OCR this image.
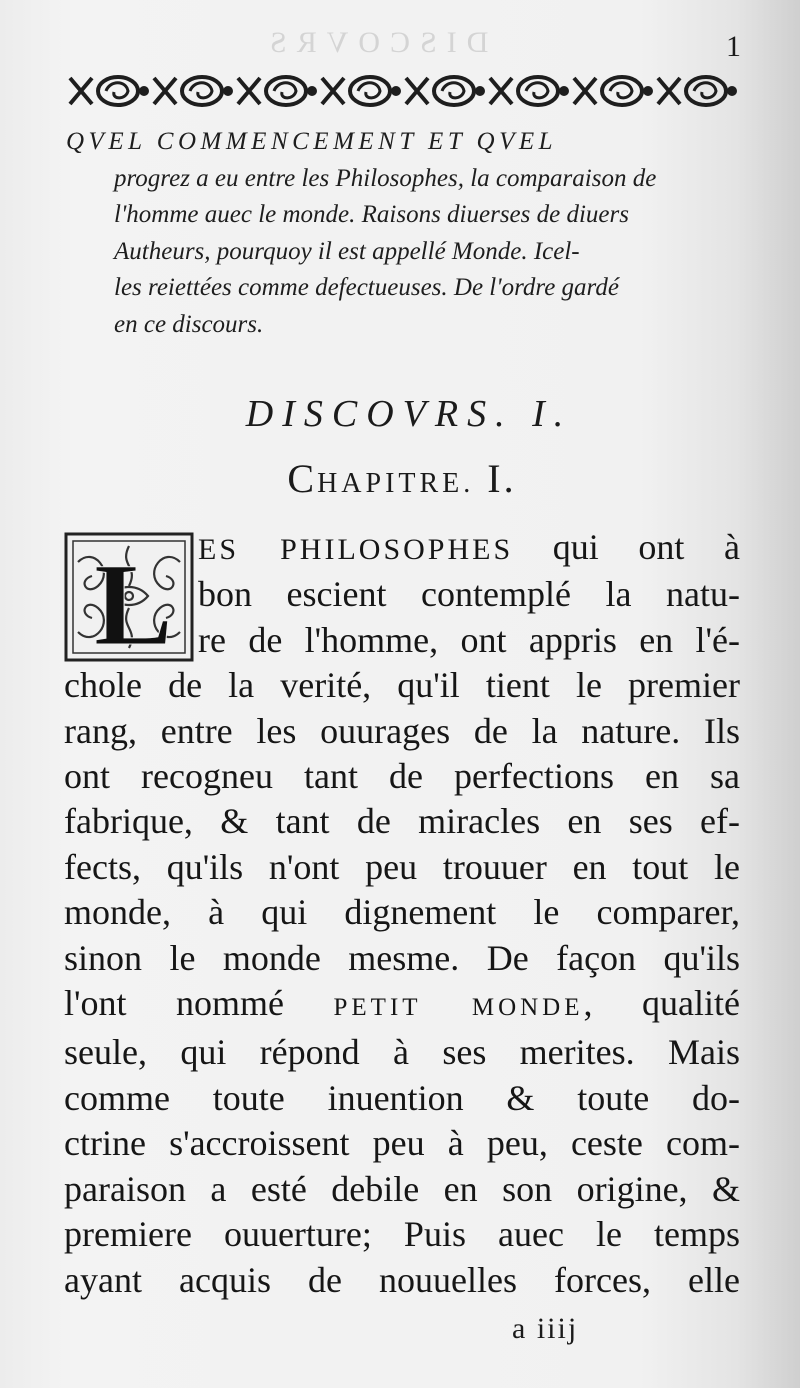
DISCOVRS	1
QVEL COMMENCEMENT ET QVEL
progrez a eu entre les Philosophes, la comparaison de
l'homme auec le monde. Raisons diuerses de diuers
Autheurs, pourquoy il est appellé Monde. Icel-
les reiettées comme defectueuses. De l'ordre gardé
en ce discours.
DISCOVRS. I.
CHAPITRE. I.
L ES PHILOSOPHES qui ont à
bon escient contemplé la natu-
re de l'homme, ont appris en l'é-
chole de la verité, qu'il tient le premier
rang, entre les ouurages de la nature. Ils
ont recogneu tant de perfections en sa
fabrique, & tant de miracles en ses ef-
fects, qu'ils n'ont peu trouuer en tout le
monde, à qui dignement le comparer,
sinon le monde mesme. De façon qu'ils
l'ont nommé PETIT MONDE, qualité
seule, qui répond à ses merites. Mais
comme toute inuention & toute do-
ctrine s'accroissent peu à peu, ceste com-
paraison a esté debile en son origine, &
premiere ouuerture; Puis auec le temps
ayant acquis de nouuelles forces, elle
a iiij
